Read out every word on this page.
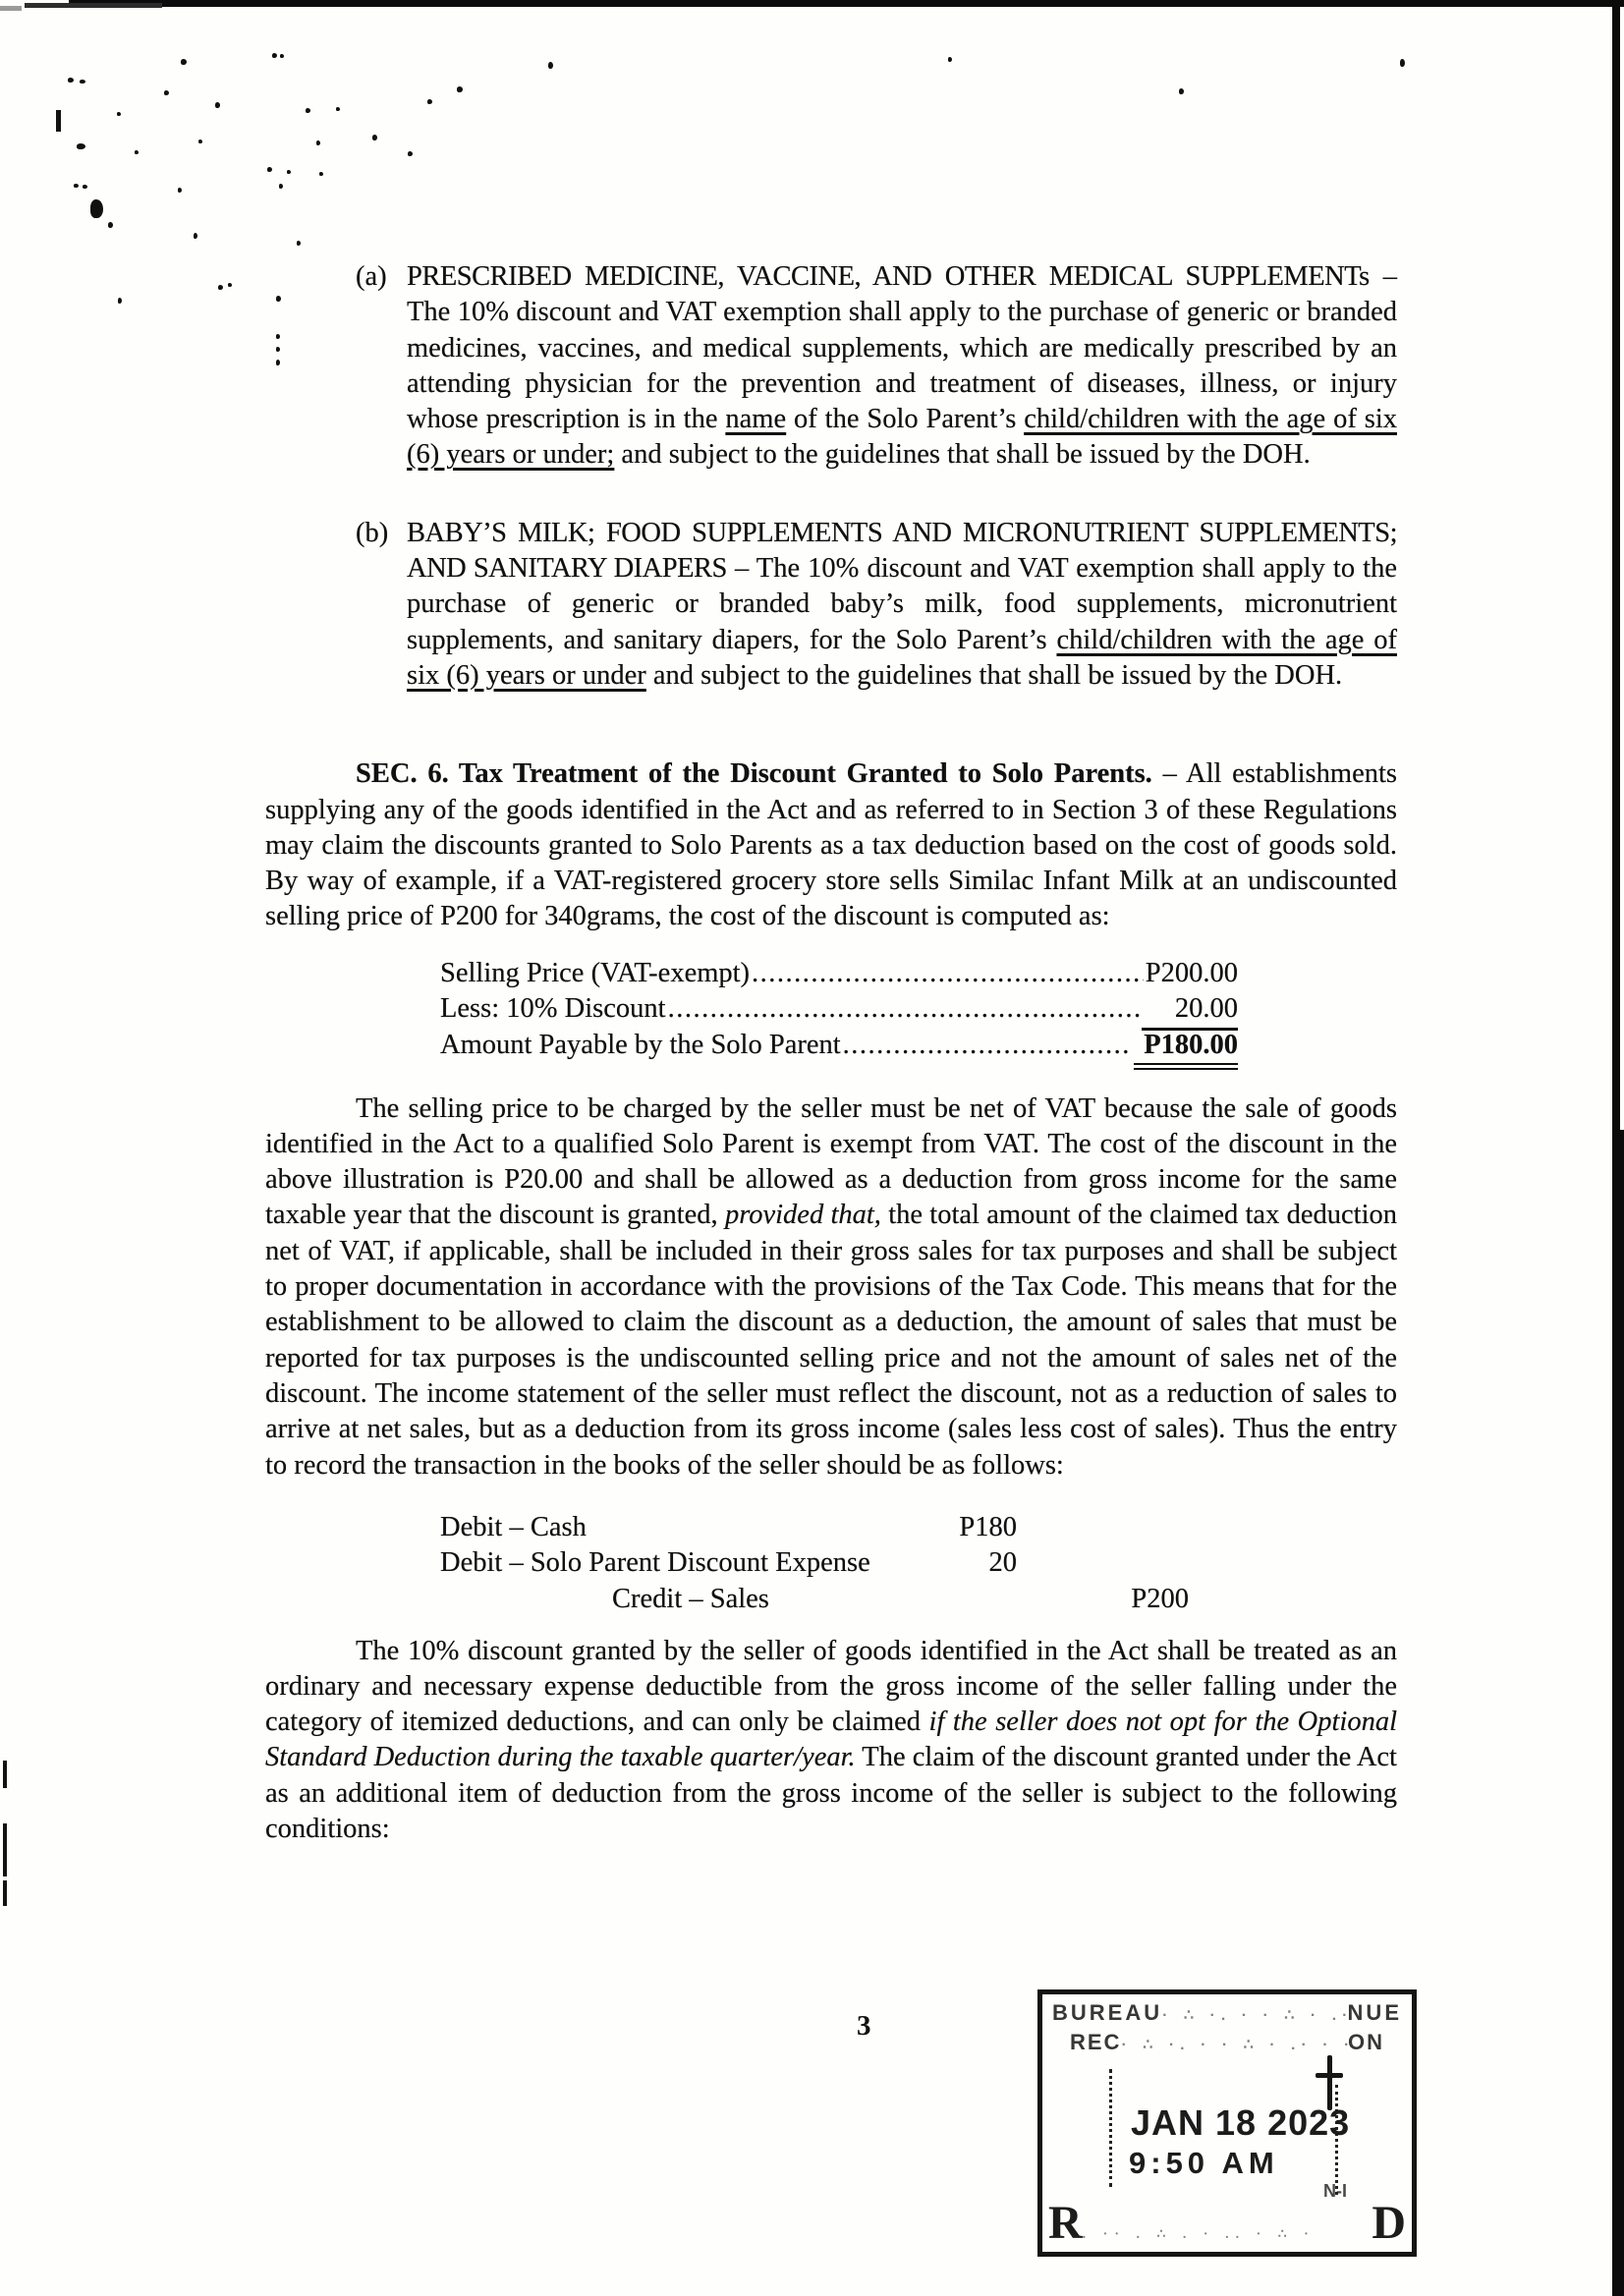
(a) PRESCRIBED MEDICINE, VACCINE, AND OTHER MEDICAL SUPPLEMENTs – The 10% discount and VAT exemption shall apply to the purchase of generic or branded medicines, vaccines, and medical supplements, which are medically prescribed by an attending physician for the prevention and treatment of diseases, illness, or injury whose prescription is in the name of the Solo Parent’s child/children with the age of six (6) years or under; and subject to the guidelines that shall be issued by the DOH.
(b) BABY’S MILK; FOOD SUPPLEMENTS AND MICRONUTRIENT SUPPLEMENTS; AND SANITARY DIAPERS – The 10% discount and VAT exemption shall apply to the purchase of generic or branded baby’s milk, food supplements, micronutrient supplements, and sanitary diapers, for the Solo Parent’s child/children with the age of six (6) years or under and subject to the guidelines that shall be issued by the DOH.

SEC. 6. Tax Treatment of the Discount Granted to Solo Parents. – All establishments supplying any of the goods identified in the Act and as referred to in Section 3 of these Regulations may claim the discounts granted to Solo Parents as a tax deduction based on the cost of goods sold. By way of example, if a VAT-registered grocery store sells Similac Infant Milk at an undiscounted selling price of P200 for 340grams, the cost of the discount is computed as:

Selling Price (VAT-exempt) .....	P200.00
Less: 10% Discount .....	20.00
Amount Payable by the Solo Parent .....	P180.00

The selling price to be charged by the seller must be net of VAT because the sale of goods identified in the Act to a qualified Solo Parent is exempt from VAT. The cost of the discount in the above illustration is P20.00 and shall be allowed as a deduction from gross income for the same taxable year that the discount is granted, provided that, the total amount of the claimed tax deduction net of VAT, if applicable, shall be included in their gross sales for tax purposes and shall be subject to proper documentation in accordance with the provisions of the Tax Code. This means that for the establishment to be allowed to claim the discount as a deduction, the amount of sales that must be reported for tax purposes is the undiscounted selling price and not the amount of sales net of the discount. The income statement of the seller must reflect the discount, not as a reduction of sales to arrive at net sales, but as a deduction from its gross income (sales less cost of sales). Thus the entry to record the transaction in the books of the seller should be as follows:

Debit – Cash	P180
Debit – Solo Parent Discount Expense	20
Credit – Sales	P200

The 10% discount granted by the seller of goods identified in the Act shall be treated as an ordinary and necessary expense deductible from the gross income of the seller falling under the category of itemized deductions, and can only be claimed if the seller does not opt for the Optional Standard Deduction during the taxable quarter/year. The claim of the discount granted under the Act as an additional item of deduction from the gross income of the seller is subject to the following conditions:

3	BUREAU · ∴ ·. · · ∴ · .· · · ∴ ·	NUE
REC · ∴ ·. · · ∴ · .· · · ∴ ·	ON
JAN 18 2023
9:50 AM
N-I
R . ·· . ∴ . · .. · ∴ ·	D
